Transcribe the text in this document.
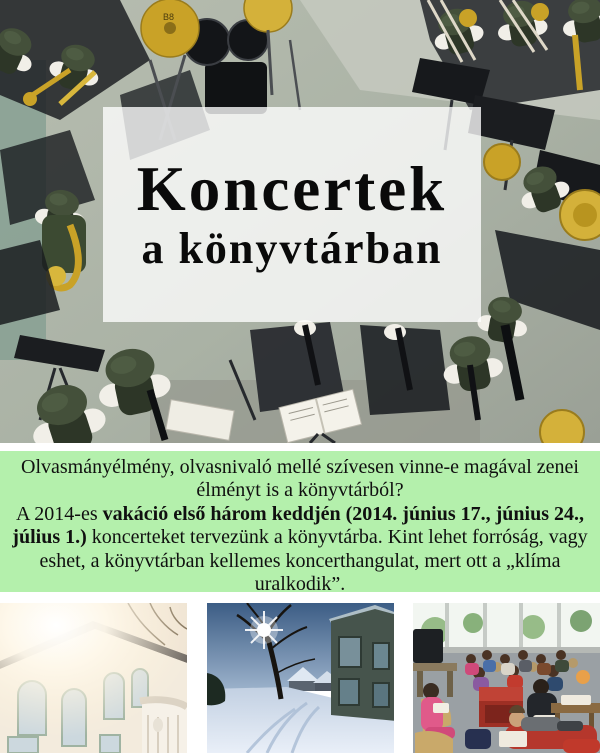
B8
Koncertek
a könyvtárban

Olvasmányélmény, olvasnivaló mellé szívesen vinne-e magával zenei élményt is a könyvtárból?

A 2014-es vakáció első három keddjén (2014. június 17., június 24., július 1.) koncerteket tervezünk a könyvtárba. Kint lehet forróság, vagy eshet, a könyvtárban kellemes koncerthangulat, mert ott a „klíma uralkodik”.
